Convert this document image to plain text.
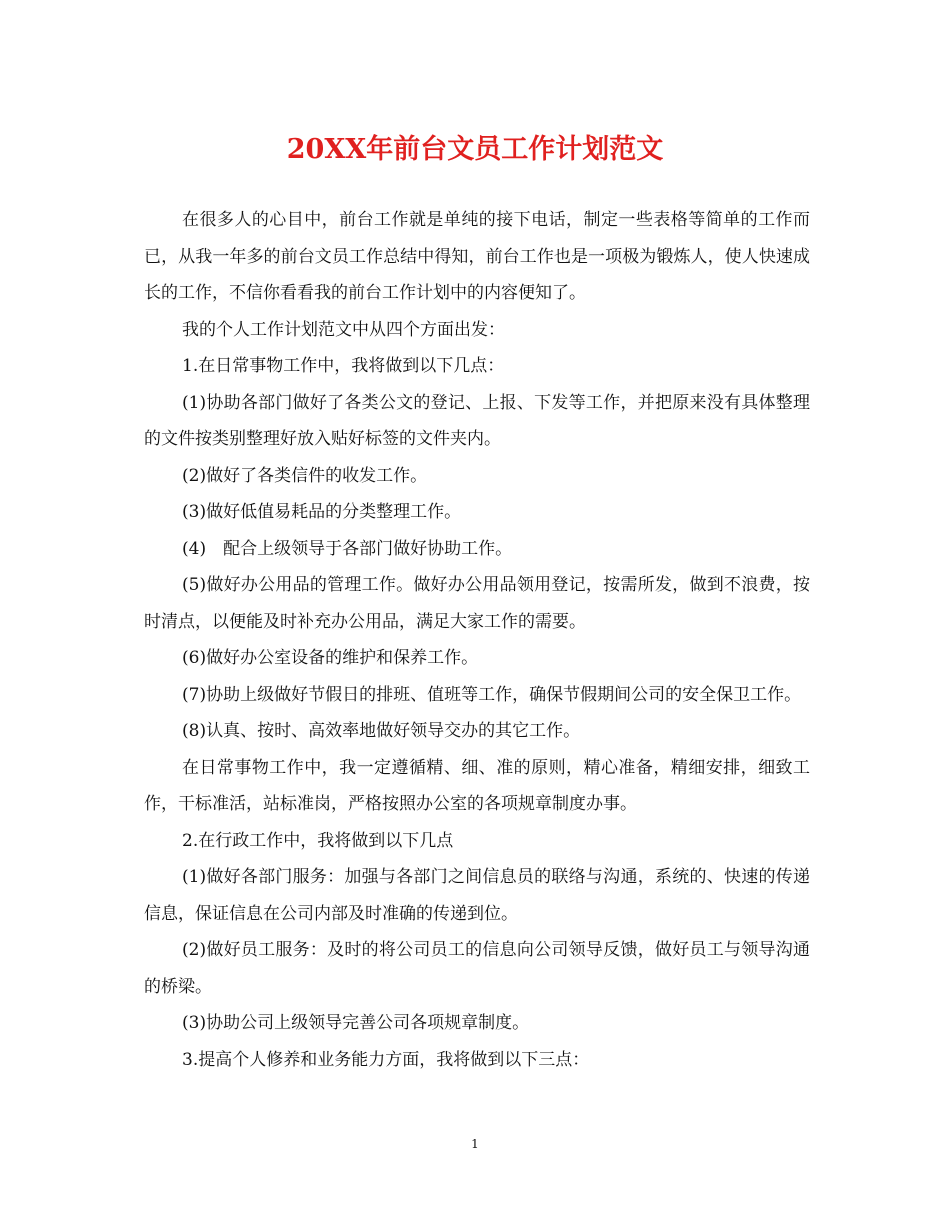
20XX年前台文员工作计划范文

在很多人的心目中，前台工作就是单纯的接下电话，制定一些表格等简单的工作而已，从我一年多的前台文员工作总结中得知，前台工作也是一项极为锻炼人，使人快速成长的工作，不信你看看我的前台工作计划中的内容便知了。

我的个人工作计划范文中从四个方面出发：

1.在日常事物工作中，我将做到以下几点：

(1)协助各部门做好了各类公文的登记、上报、下发等工作，并把原来没有具体整理的文件按类别整理好放入贴好标签的文件夹内。

(2)做好了各类信件的收发工作。

(3)做好低值易耗品的分类整理工作。

(4)　配合上级领导于各部门做好协助工作。

(5)做好办公用品的管理工作。做好办公用品领用登记，按需所发，做到不浪费，按时清点，以便能及时补充办公用品，满足大家工作的需要。

(6)做好办公室设备的维护和保养工作。

(7)协助上级做好节假日的排班、值班等工作，确保节假期间公司的安全保卫工作。

(8)认真、按时、高效率地做好领导交办的其它工作。

在日常事物工作中，我一定遵循精、细、准的原则，精心准备，精细安排，细致工作，干标准活，站标准岗，严格按照办公室的各项规章制度办事。

2.在行政工作中，我将做到以下几点

(1)做好各部门服务：加强与各部门之间信息员的联络与沟通，系统的、快速的传递信息，保证信息在公司内部及时准确的传递到位。

(2)做好员工服务：及时的将公司员工的信息向公司领导反馈，做好员工与领导沟通的桥梁。

(3)协助公司上级领导完善公司各项规章制度。

3.提高个人修养和业务能力方面，我将做到以下三点：

1
